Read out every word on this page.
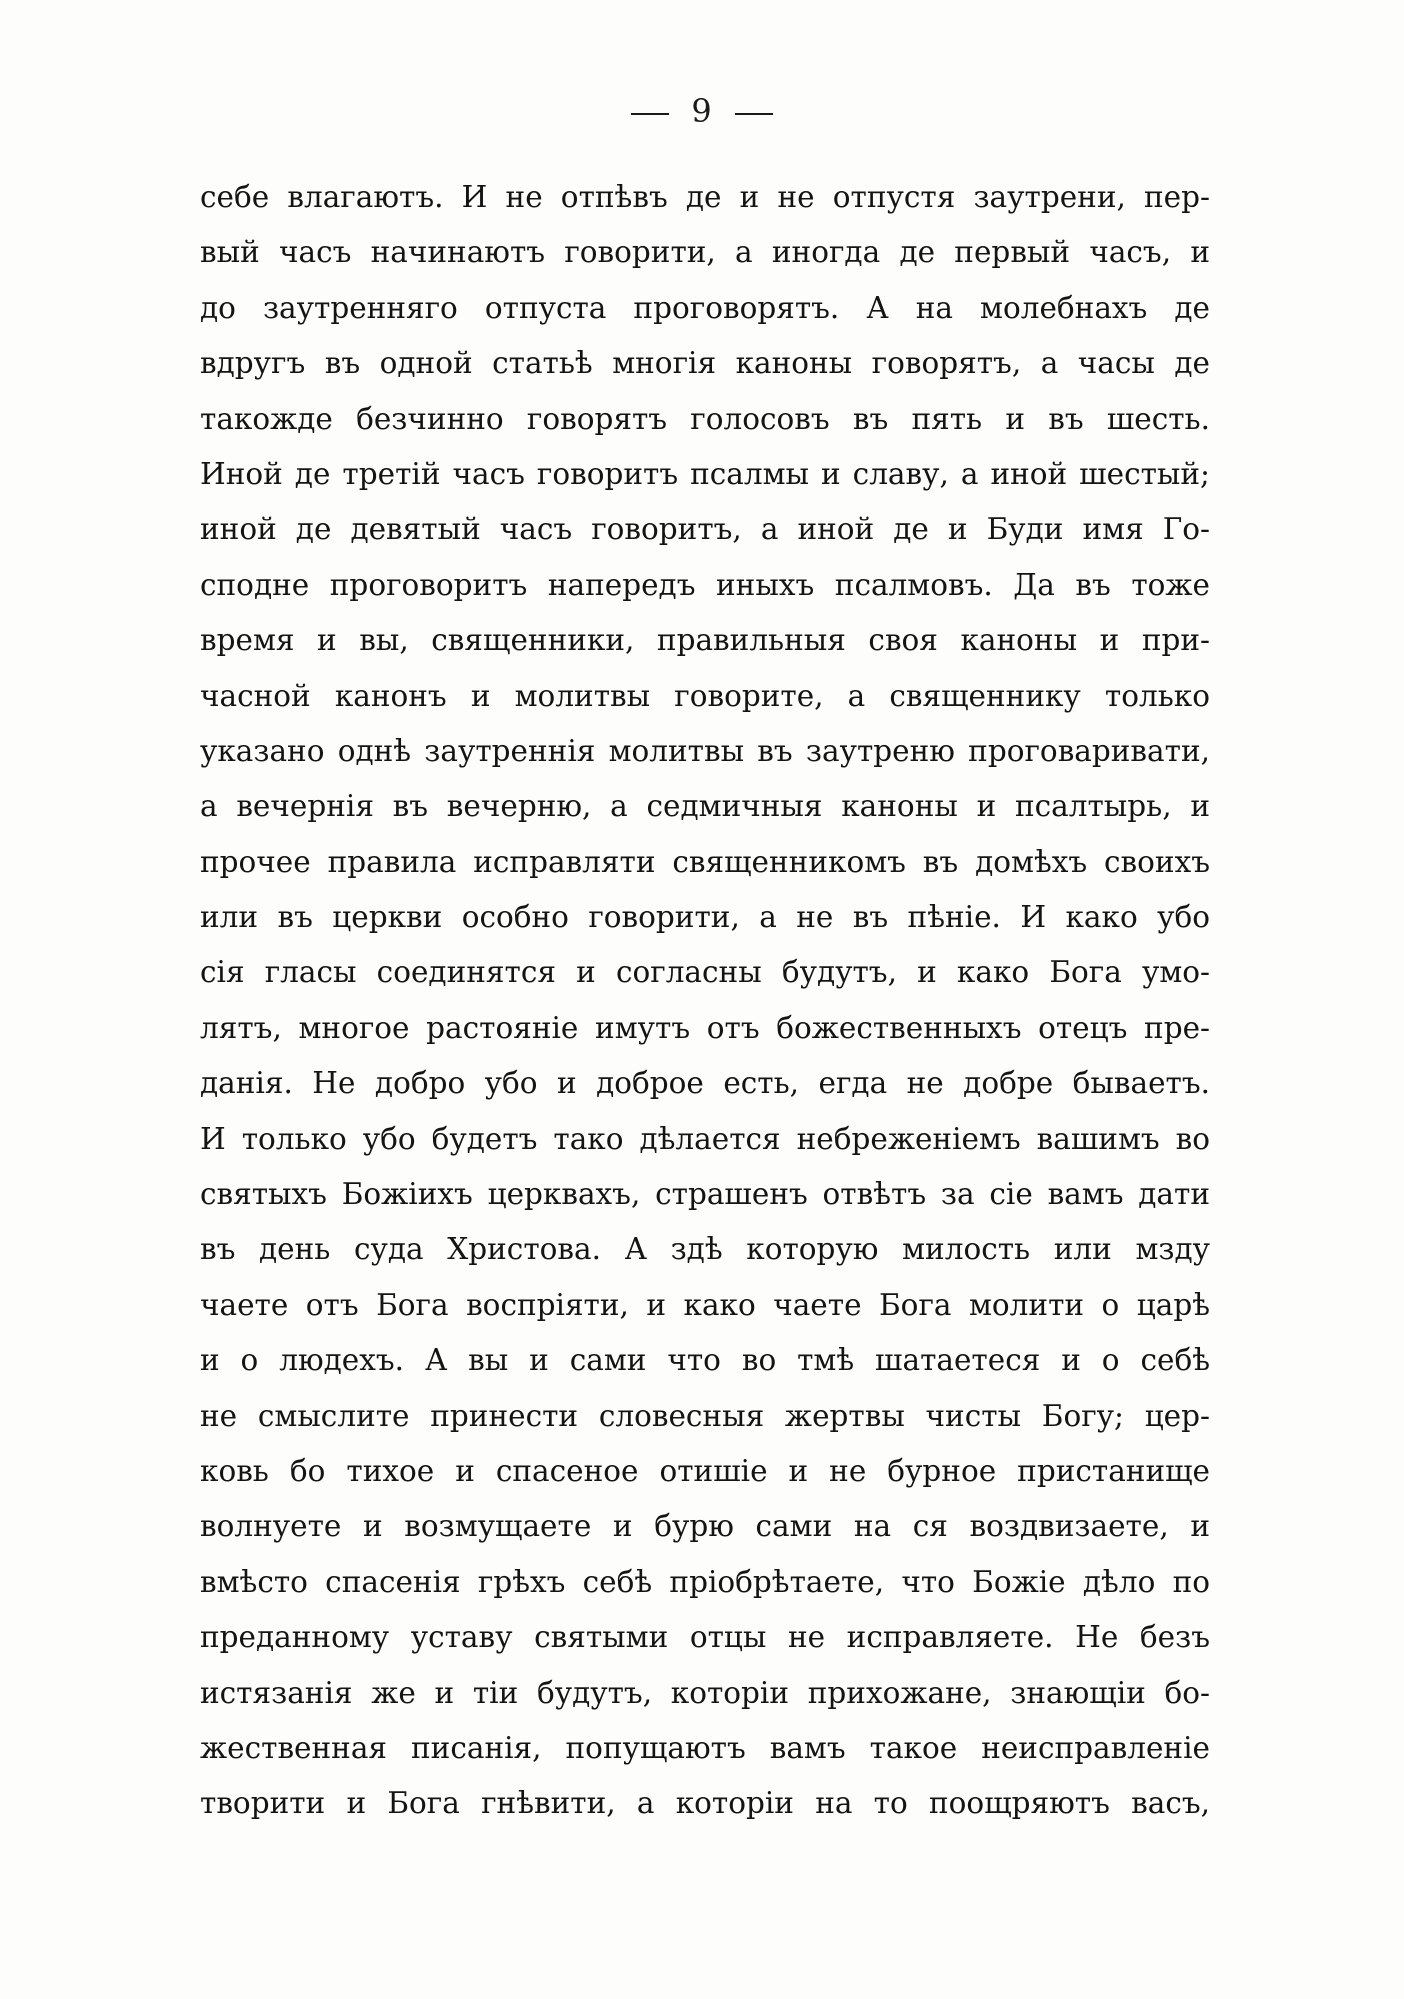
9
себе влагаютъ. И не отпѣвъ де и не отпустя заутрени, пер-
вый часъ начинаютъ говорити, а иногда де первый часъ, и
до заутренняго отпуста проговорятъ. А на молебнахъ де
вдругъ въ одной статьѣ многія каноны говорятъ, а часы де
такожде безчинно говорятъ голосовъ въ пять и въ шесть.
Иной де третій часъ говоритъ псалмы и славу, а иной шестый;
иной де девятый часъ говоритъ, а иной де и Буди имя Го-
сподне проговоритъ напередъ иныхъ псалмовъ. Да въ тоже
время и вы, священники, правильныя своя каноны и при-
часной канонъ и молитвы говорите, а священнику только
указано однѣ заутреннія молитвы въ заутреню проговаривати,
а вечернія въ вечерню, а седмичныя каноны и псалтырь, и
прочее правила исправляти священникомъ въ домѣхъ своихъ
или въ церкви особно говорити, а не въ пѣніе. И како убо
сія гласы соединятся и согласны будутъ, и како Бога умо-
лятъ, многое растояніе имутъ отъ божественныхъ отецъ пре-
данія. Не добро убо и доброе есть, егда не добре бываетъ.
И только убо будетъ тако дѣлается небреженіемъ вашимъ во
святыхъ Божіихъ церквахъ, страшенъ отвѣтъ за сіе вамъ дати
въ день суда Христова. А здѣ которую милость или мзду
чаете отъ Бога воспріяти, и како чаете Бога молити о царѣ
и о людехъ. А вы и сами что во тмѣ шатаетеся и о себѣ
не смыслите принести словесныя жертвы чисты Богу; цер-
ковь бо тихое и спасеное отишіе и не бурное пристанище
волнуете и возмущаете и бурю сами на ся воздвизаете, и
вмѣсто спасенія грѣхъ себѣ пріобрѣтаете, что Божіе дѣло по
преданному уставу святыми отцы не исправляете. Не безъ
истязанія же и тіи будутъ, которіи прихожане, знающіи бо-
жественная писанія, попущаютъ вамъ такое неисправленіе
творити и Бога гнѣвити, а которіи на то поощряютъ васъ,
